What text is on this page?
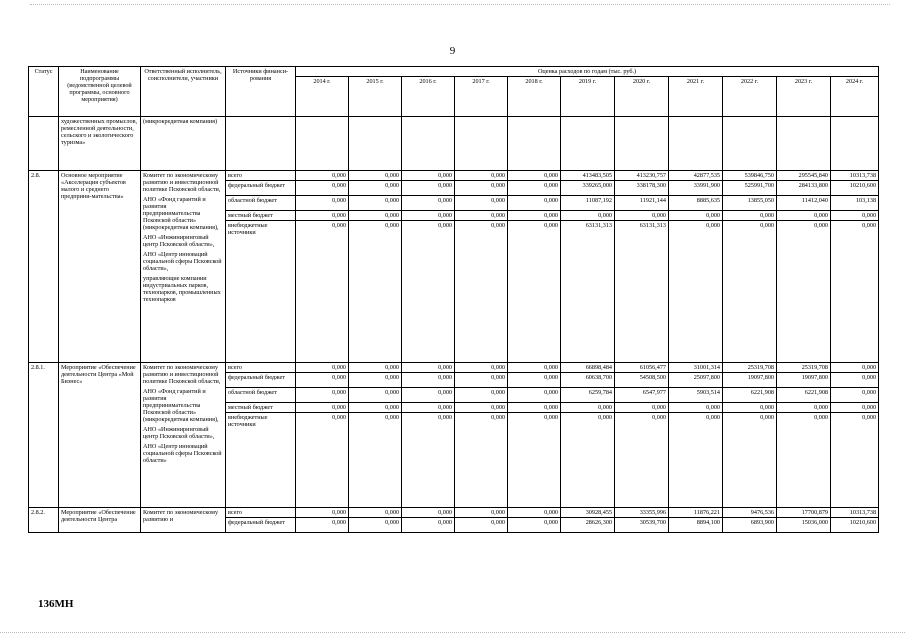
9
Статус	Наименование подпрограммы (ведомственной целевой программы, основного мероприятия)	Ответственный исполнитель, соисполнители, участники	Источники финанси-рования	Оценка расходов по годам (тыс. руб.)										
				2014 г.	2015 г.	2016 г.	2017 г.	2018 г.	2019 г.	2020 г.	2021 г.	2022 г.	2023 г.	2024 г.
	художественных промыслов, ремесленной деятельности, сельского и экологического туризма»	(микрокредитная компания)												
2.8.	Основное мероприятие «Акселерация субъектов малого и среднего предприни-мательства»	Комитет по экономическому развитию и инвестиционной политике Псковской области,

АНО «Фонд гарантий и развития предпринимательства Псковской области» (микрокредитная компания),

АНО «Инжиниринговый центр Псковской области»,

АНО «Центр инноваций социальной сферы Псковской области»,

управляющие компании индустриальных парков, технопарков, промышленных технопарков	всего	0,000	0,000	0,000	0,000	0,000	413483,505	413230,757	42877,535	539846,750	295545,840	10313,738
			федеральный бюджет	0,000	0,000	0,000	0,000	0,000	339265,000	338178,300	33991,900	525991,700	284133,800	10210,600
			областной бюджет	0,000	0,000	0,000	0,000	0,000	11087,192	11921,144	8885,635	13855,050	11412,040	103,138
			местный бюджет	0,000	0,000	0,000	0,000	0,000	0,000	0,000	0,000	0,000	0,000	0,000
			внебюджетные источники	0,000	0,000	0,000	0,000	0,000	63131,313	63131,313	0,000	0,000	0,000	0,000
2.8.1.	Мероприятие «Обеспечение деятельности Центра «Мой Бизнес»	Комитет по экономическому развитию и инвестиционной политике Псковской области,

АНО «Фонд гарантий и развития предпринимательства Псковской области» (микрокредитная компания),

АНО «Инжиниринговый центр Псковской области»,

АНО «Центр инноваций социальной сферы Псковской области»	всего	0,000	0,000	0,000	0,000	0,000	66898,484	61056,477	31001,314	25319,708	25319,708	0,000
			федеральный бюджет	0,000	0,000	0,000	0,000	0,000	60638,700	54508,500	25097,800	19097,800	19097,800	0,000
			областной бюджет	0,000	0,000	0,000	0,000	0,000	6259,784	6547,977	5903,514	6221,908	6221,908	0,000
			местный бюджет	0,000	0,000	0,000	0,000	0,000	0,000	0,000	0,000	0,000	0,000	0,000
			внебюджетные источники	0,000	0,000	0,000	0,000	0,000	0,000	0,000	0,000	0,000	0,000	0,000
2.8.2.	Мероприятие «Обеспечение деятельности Центра	Комитет по экономическому развитию и	всего	0,000	0,000	0,000	0,000	0,000	30928,455	33355,996	11876,221	9476,536	17700,879	10313,738
			федеральный бюджет	0,000	0,000	0,000	0,000	0,000	28626,300	30539,700	8894,100	6893,900	15036,000	10210,600
136МН
